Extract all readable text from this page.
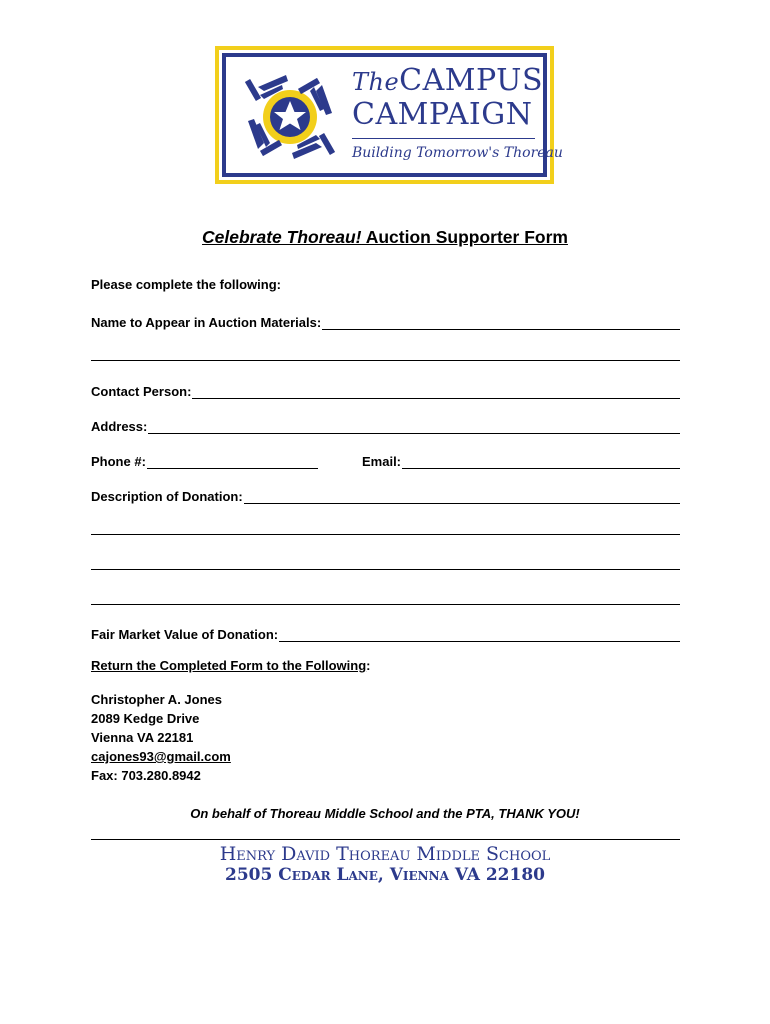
TheCAMPUS
CAMPAIGN
Building Tomorrow's Thoreau
Celebrate Thoreau! Auction Supporter Form
Please complete the following:
Name to Appear in Auction Materials:
Contact Person:
Address:
Phone #:	Email:
Description of Donation:
Fair Market Value of Donation:
Return the Completed Form to the Following:
Christopher A. Jones
2089 Kedge Drive
Vienna VA 22181
cajones93@gmail.com
Fax: 703.280.8942
On behalf of Thoreau Middle School and the PTA, THANK YOU!
Henry David Thoreau Middle School
2505 Cedar Lane, Vienna VA 22180
